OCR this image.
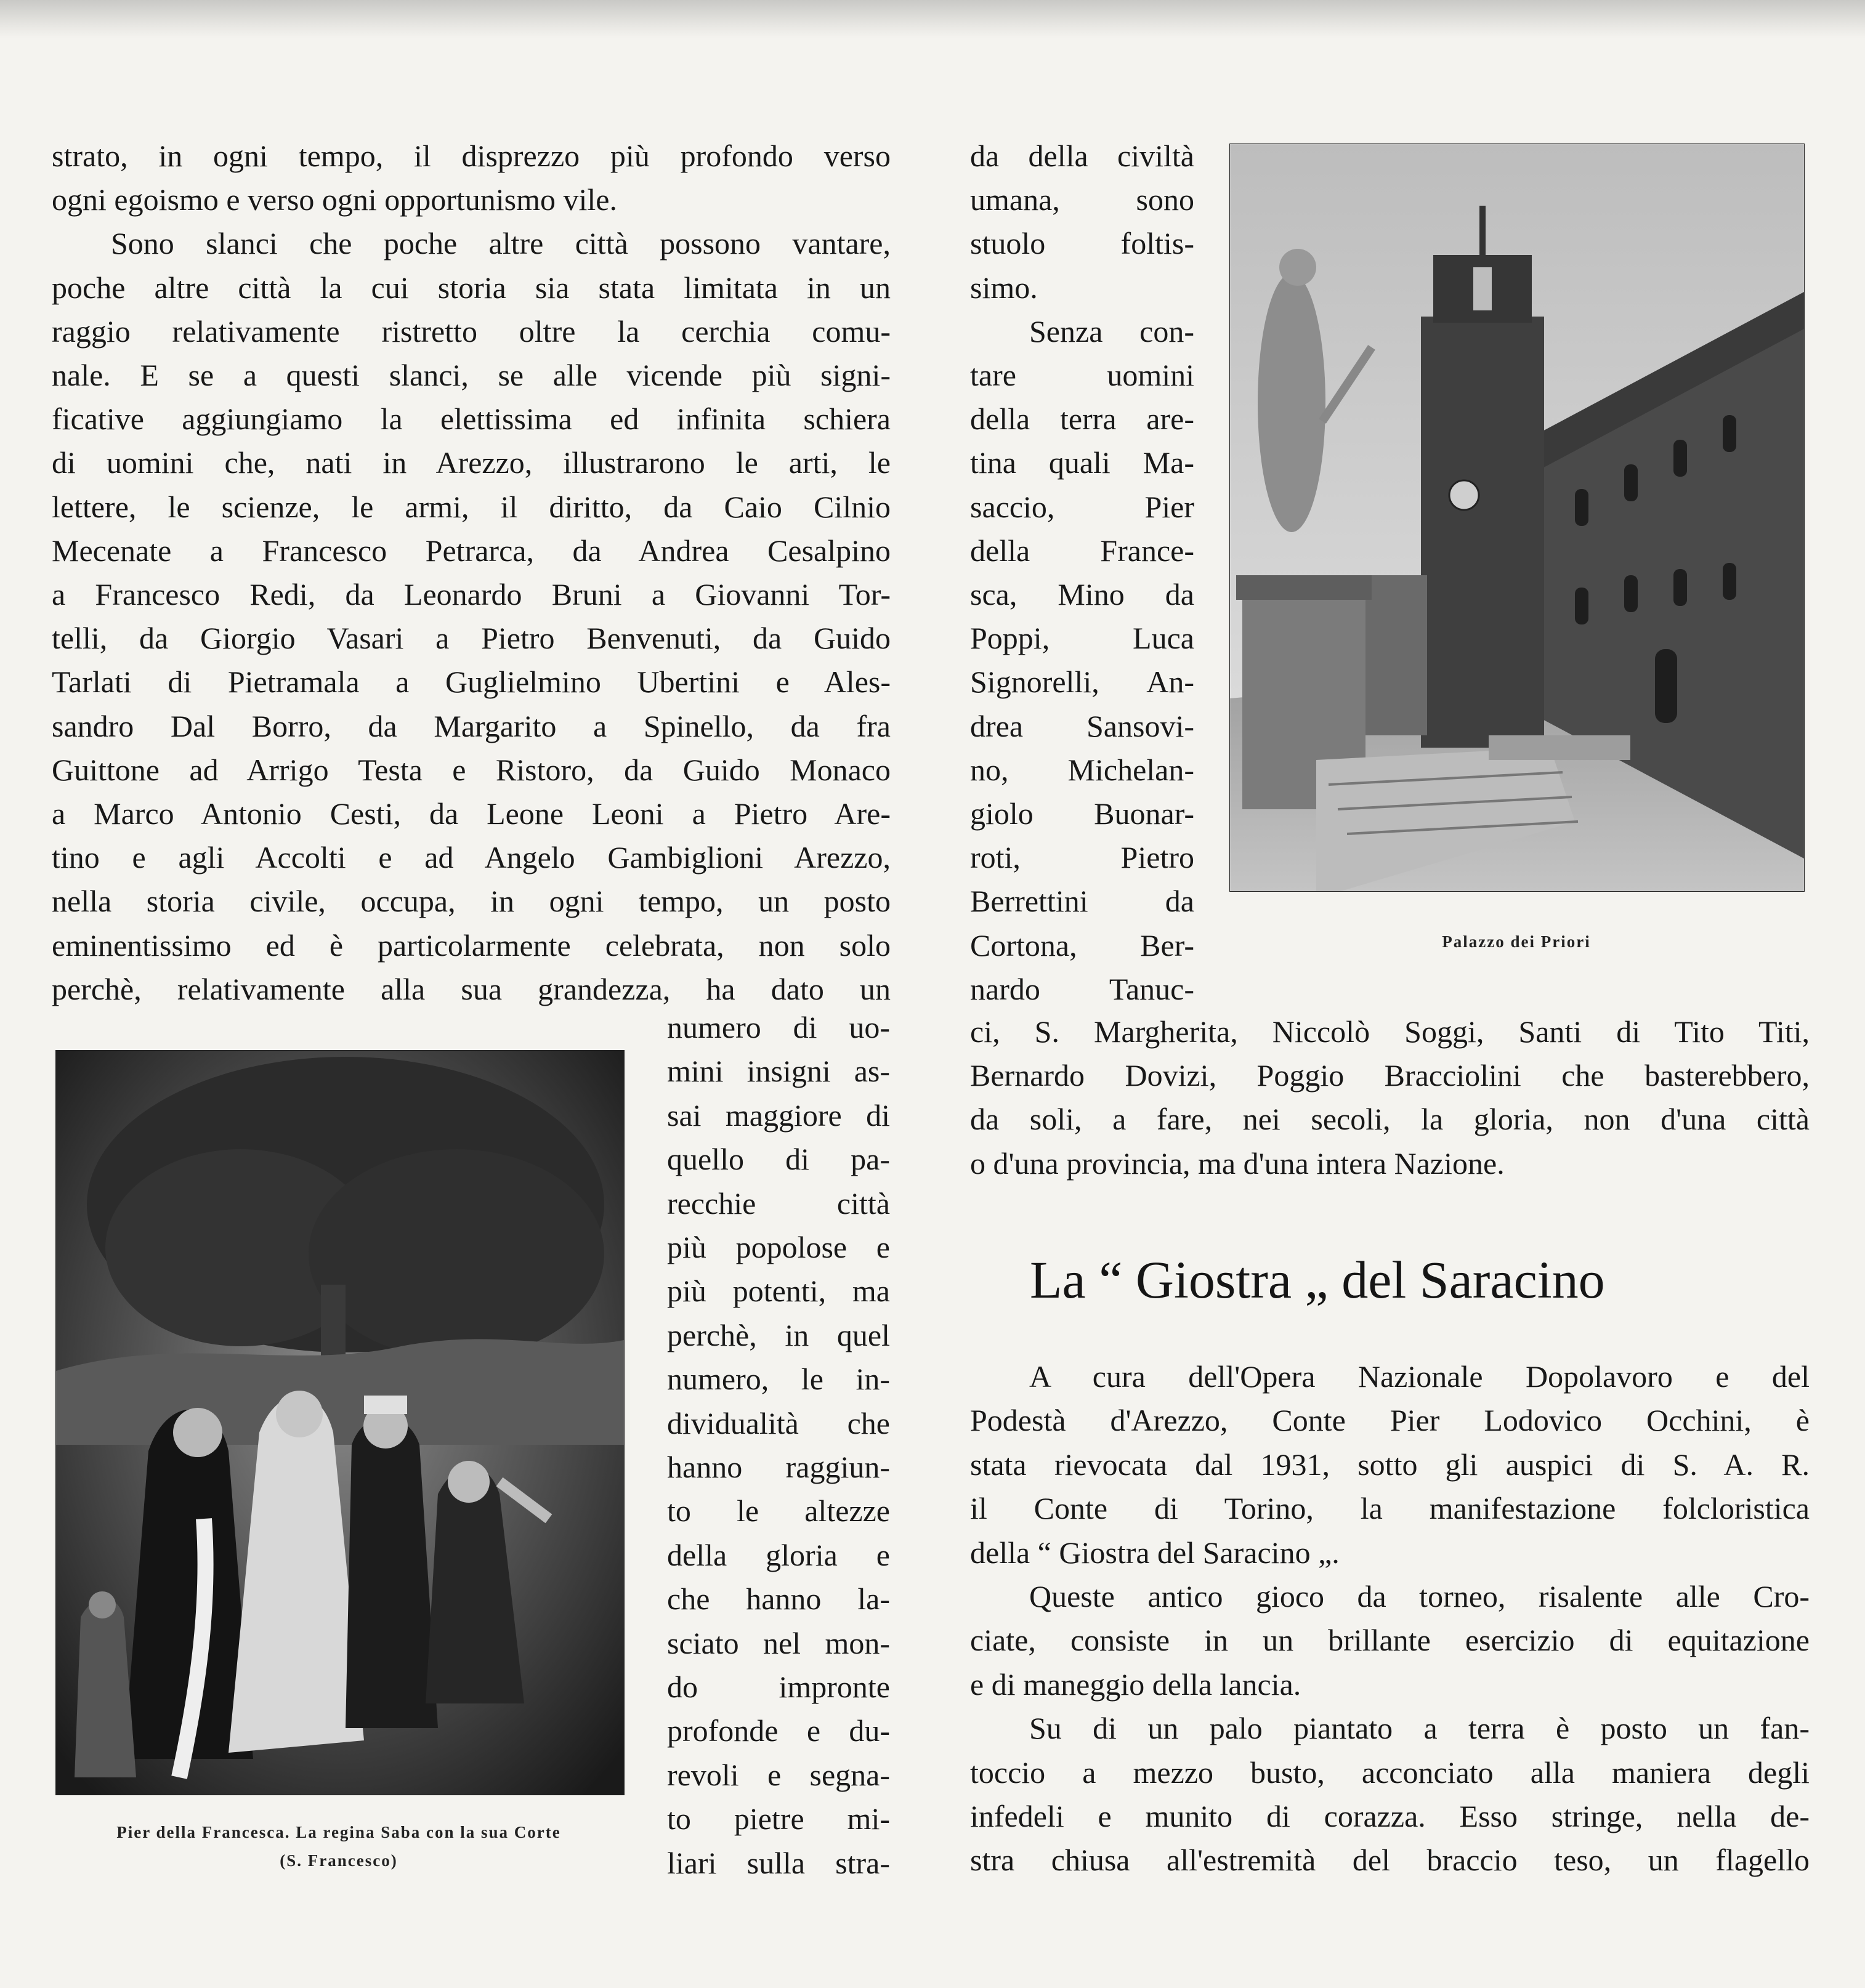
strato, in ogni tempo, il disprezzo più profondo verso
ogni egoismo e verso ogni opportunismo vile.
Sono slanci che poche altre città possono vantare,
poche altre città la cui storia sia stata limitata in un
raggio relativamente ristretto oltre la cerchia comu-
nale. E se a questi slanci, se alle vicende più signi-
ficative aggiungiamo la elettissima ed infinita schiera
di uomini che, nati in Arezzo, illustrarono le arti, le
lettere, le scienze, le armi, il diritto, da Caio Cilnio
Mecenate a Francesco Petrarca, da Andrea Cesalpino
a Francesco Redi, da Leonardo Bruni a Giovanni Tor-
telli, da Giorgio Vasari a Pietro Benvenuti, da Guido
Tarlati di Pietramala a Guglielmino Ubertini e Ales-
sandro Dal Borro, da Margarito a Spinello, da fra
Guittone ad Arrigo Testa e Ristoro, da Guido Monaco
a Marco Antonio Cesti, da Leone Leoni a Pietro Are-
tino e agli Accolti e ad Angelo Gambiglioni Arezzo,
nella storia civile, occupa, in ogni tempo, un posto
eminentissimo ed è particolarmente celebrata, non solo
perchè, relativamente alla sua grandezza, ha dato un
numero di uo-
mini insigni as-
sai maggiore di
quello di pa-
recchie città
più popolose e
più potenti, ma
perchè, in quel
numero, le in-
dividualità che
hanno raggiun-
to le altezze
della gloria e
che hanno la-
sciato nel mon-
do impronte
profonde e du-
revoli e segna-
to pietre mi-
liari sulla stra-
da della civiltà
umana, sono
stuolo foltis-
simo.
Senza con-
tare uomini
della terra are-
tina quali Ma-
saccio, Pier
della France-
sca, Mino da
Poppi, Luca
Signorelli, An-
drea Sansovi-
no, Michelan-
giolo Buonar-
roti, Pietro
Berrettini da
Cortona, Ber-
nardo Tanuc-
ci, S. Margherita, Niccolò Soggi, Santi di Tito Titi,
Bernardo Dovizi, Poggio Bracciolini che basterebbero,
da soli, a fare, nei secoli, la gloria, non d'una città
o d'una provincia, ma d'una intera Nazione.
A cura dell'Opera Nazionale Dopolavoro e del
Podestà d'Arezzo, Conte Pier Lodovico Occhini, è
stata rievocata dal 1931, sotto gli auspici di S. A. R.
il Conte di Torino, la manifestazione folcloristica
della “ Giostra del Saracino „.
Queste antico gioco da torneo, risalente alle Cro-
ciate, consiste in un brillante esercizio di equitazione
e di maneggio della lancia.
Su di un palo piantato a terra è posto un fan-
toccio a mezzo busto, acconciato alla maniera degli
infedeli e munito di corazza. Esso stringe, nella de-
stra chiusa all'estremità del braccio teso, un flagello
Palazzo dei Priori
Pier della Francesca. La regina Saba con la sua Corte
(S. Francesco)
La “ Giostra „ del Saracino
